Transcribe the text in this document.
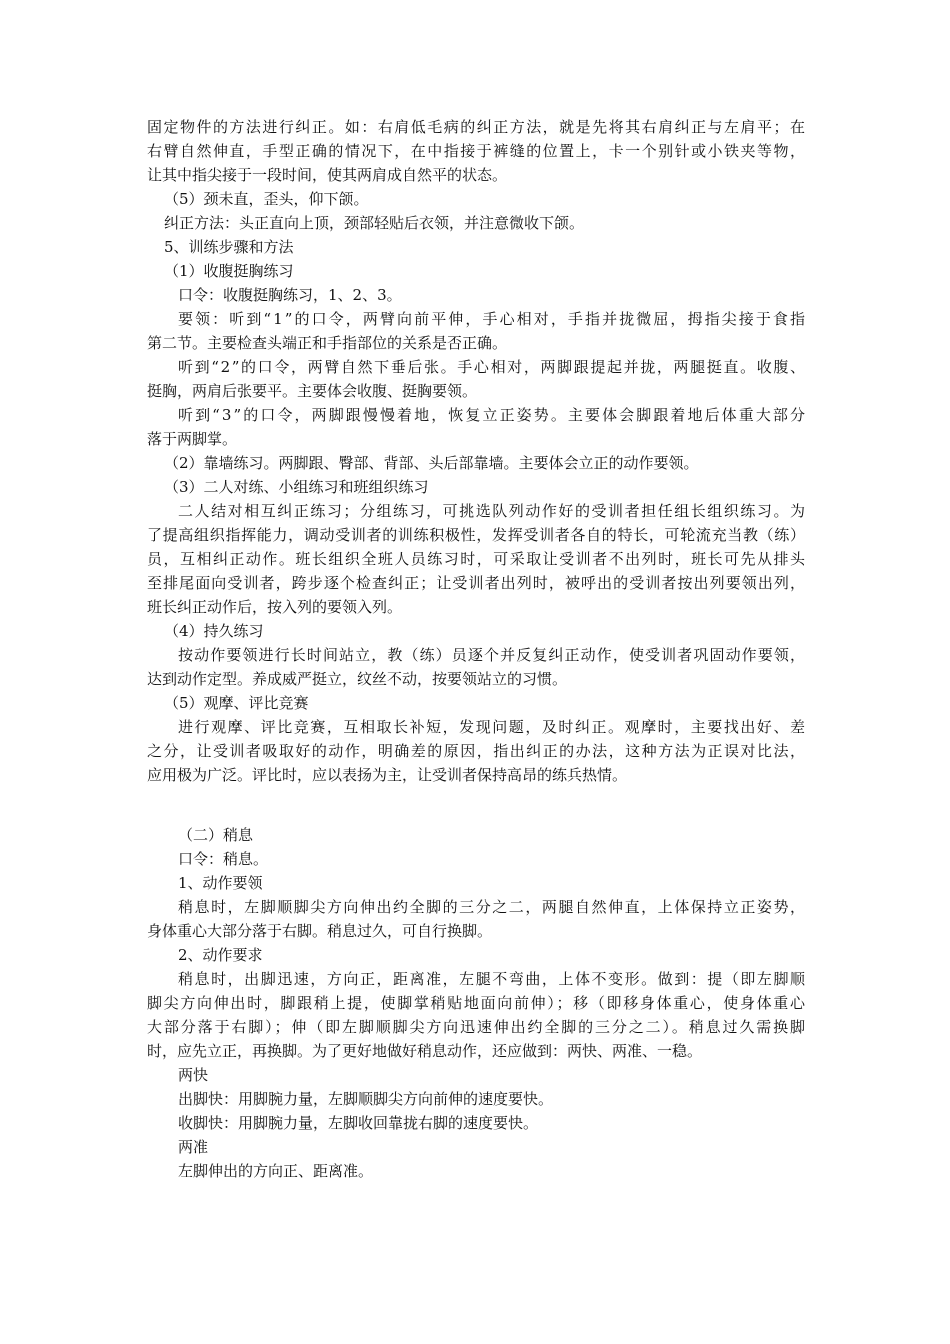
固定物件的方法进行纠正。如：右肩低毛病的纠正方法，就是先将其右肩纠正与左肩平；在
右臂自然伸直，手型正确的情况下，在中指接于裤缝的位置上，卡一个别针或小铁夹等物，
让其中指尖接于一段时间，使其两肩成自然平的状态。
（5）颈未直，歪头，仰下颌。
纠正方法：头正直向上顶，颈部轻贴后衣领，并注意微收下颌。
5、训练步骤和方法
（1）收腹挺胸练习
口令：收腹挺胸练习，1、2、3。
要领：听到“1”的口令，两臂向前平伸，手心相对，手指并拢微屈，拇指尖接于食指
第二节。主要检查头端正和手指部位的关系是否正确。
听到“2”的口令，两臂自然下垂后张。手心相对，两脚跟提起并拢，两腿挺直。收腹、
挺胸，两肩后张要平。主要体会收腹、挺胸要领。
听到“3”的口令，两脚跟慢慢着地，恢复立正姿势。主要体会脚跟着地后体重大部分
落于两脚掌。
（2）靠墙练习。两脚跟、臀部、背部、头后部靠墙。主要体会立正的动作要领。
（3）二人对练、小组练习和班组织练习
二人结对相互纠正练习；分组练习，可挑选队列动作好的受训者担任组长组织练习。为
了提高组织指挥能力，调动受训者的训练积极性，发挥受训者各自的特长，可轮流充当教（练）
员，互相纠正动作。班长组织全班人员练习时，可采取让受训者不出列时，班长可先从排头
至排尾面向受训者，跨步逐个检查纠正；让受训者出列时，被呼出的受训者按出列要领出列，
班长纠正动作后，按入列的要领入列。
（4）持久练习
按动作要领进行长时间站立，教（练）员逐个并反复纠正动作，使受训者巩固动作要领，
达到动作定型。养成威严挺立，纹丝不动，按要领站立的习惯。
（5）观摩、评比竞赛
进行观摩、评比竞赛，互相取长补短，发现问题，及时纠正。观摩时，主要找出好、差
之分，让受训者吸取好的动作，明确差的原因，指出纠正的办法，这种方法为正误对比法，
应用极为广泛。评比时，应以表扬为主，让受训者保持高昂的练兵热情。
（二）稍息
口令：稍息。
1、动作要领
稍息时，左脚顺脚尖方向伸出约全脚的三分之二，两腿自然伸直，上体保持立正姿势，
身体重心大部分落于右脚。稍息过久，可自行换脚。
2、动作要求
稍息时，出脚迅速，方向正，距离准，左腿不弯曲，上体不变形。做到：提（即左脚顺
脚尖方向伸出时，脚跟稍上提，使脚掌稍贴地面向前伸）；移（即移身体重心，使身体重心
大部分落于右脚）；伸（即左脚顺脚尖方向迅速伸出约全脚的三分之二）。稍息过久需换脚
时，应先立正，再换脚。为了更好地做好稍息动作，还应做到：两快、两准、一稳。
两快
出脚快：用脚腕力量，左脚顺脚尖方向前伸的速度要快。
收脚快：用脚腕力量，左脚收回靠拢右脚的速度要快。
两准
左脚伸出的方向正、距离准。
